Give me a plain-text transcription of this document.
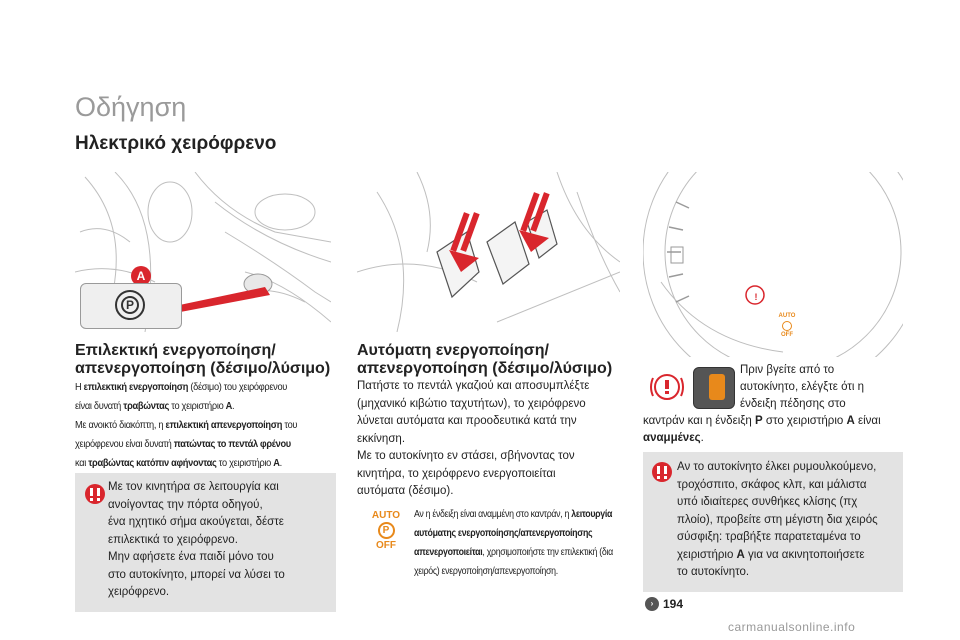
Οδήγηση
Ηλεκτρικό χειρόφρενο
A
P
Επιλεκτική ενεργοποίηση/
απενεργοποίηση (δέσιμο/λύσιμο)
Η επιλεκτική ενεργοποίηση (δέσιμο) του χειρόφρενου
είναι δυνατή τραβώντας το χειριστήριο A.
Με ανοικτό διακόπτη, η επιλεκτική απενεργοποίηση του
χειρόφρενου είναι δυνατή πατώντας το πεντάλ φρένου
και τραβώντας κατόπιν αφήνοντας το χειριστήριο A.
Με τον κινητήρα σε λειτουργία και
ανοίγοντας την πόρτα οδηγού,
ένα ηχητικό σήμα ακούγεται, δέστε
επιλεκτικά το χειρόφρενο.
Μην αφήσετε ένα παιδί μόνο του
στο αυτοκίνητο, μπορεί να λύσει το
χειρόφρενο.
Αυτόματη ενεργοποίηση/
απενεργοποίηση (δέσιμο/λύσιμο)
Πατήστε το πεντάλ γκαζιού και αποσυμπλέξτε
(μηχανικό κιβώτιο ταχυτήτων), το χειρόφρενο
λύνεται αυτόματα και προοδευτικά κατά την
εκκίνηση.
Με το αυτοκίνητο εν στάσει, σβήνοντας τον
κινητήρα, το χειρόφρενο ενεργοποιείται
αυτόματα (δέσιμο).
AUTO
P
OFF
Αν η ένδειξη είναι αναμμένη στο καντράν, η λειτουργία
αυτόματης ενεργοποίησης/απενεργοποίησης
απενεργοποιείται, χρησιμοποιήστε την επιλεκτική (δια
χειρός) ενεργοποίηση/απενεργοποίηση.
!
AUTO
OFF
Πριν βγείτε από το
αυτοκίνητο, ελέγξτε ότι η
ένδειξη πέδησης στο
καντράν και η ένδειξη P στο χειριστήριο A είναι
αναμμένες.
Αν το αυτοκίνητο έλκει ρυμουλκούμενο,
τροχόσπιτο, σκάφος κλπ, και μάλιστα
υπό ιδιαίτερες συνθήκες κλίσης (πχ
πλοίο), προβείτε στη μέγιστη δια χειρός
σύσφιξη: τραβήξτε παρατεταμένα το
χειριστήριο A για να ακινητοποιήσετε
το αυτοκίνητο.
› 194
carmanualsonline.info
